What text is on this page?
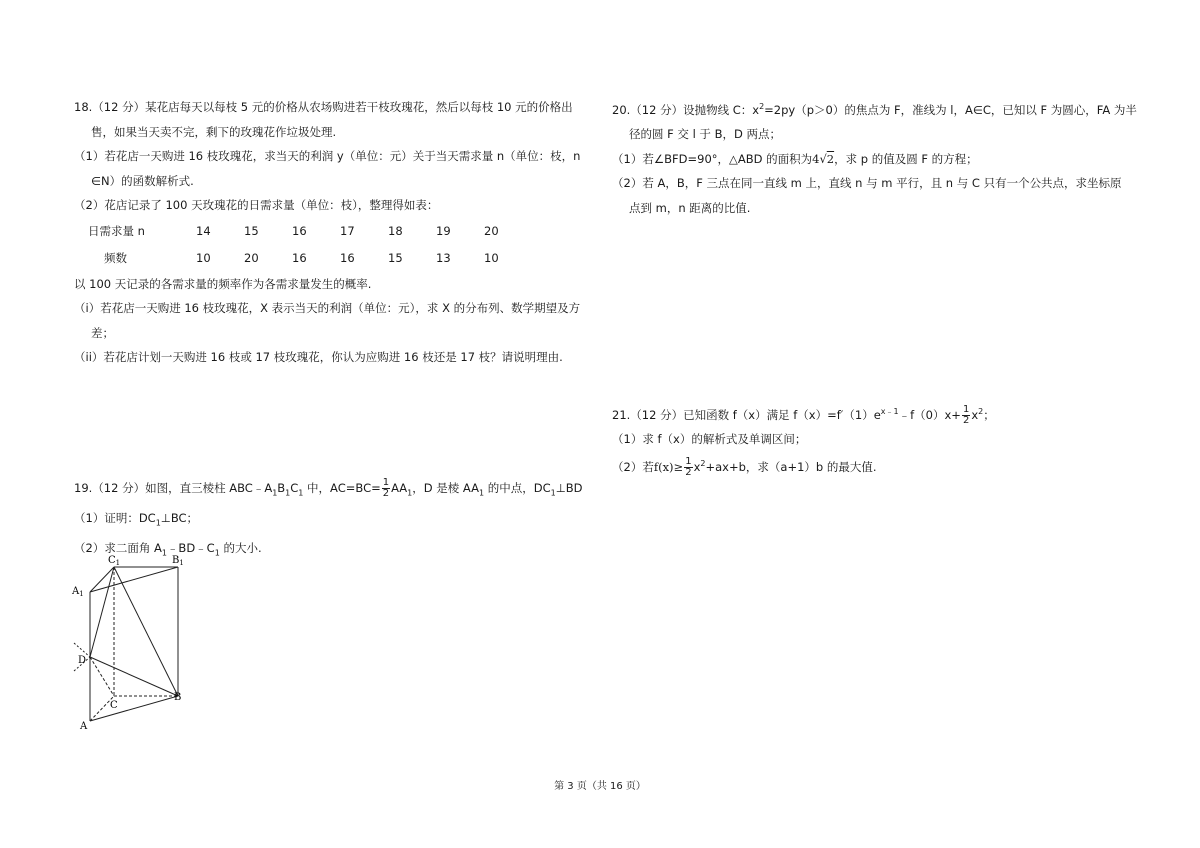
18.（12 分）某花店每天以每枝 5 元的价格从农场购进若干枝玫瑰花，然后以每枝 10 元的价格出
售，如果当天卖不完，剩下的玫瑰花作垃圾处理.
（1）若花店一天购进 16 枝玫瑰花，求当天的利润 y（单位：元）关于当天需求量 n（单位：枝，n
∈N）的函数解析式.
（2）花店记录了 100 天玫瑰花的日需求量（单位：枝），整理得如表：
日需求量 n	14	15	16	17	18	19	20
频数	10	20	16	16	15	13	10
以 100 天记录的各需求量的频率作为各需求量发生的概率.
（i）若花店一天购进 16 枝玫瑰花，X 表示当天的利润（单位：元），求 X 的分布列、数学期望及方
差；
（ii）若花店计划一天购进 16 枝或 17 枝玫瑰花，你认为应购进 16 枝还是 17 枝？请说明理由.
19.（12 分）如图，直三棱柱 $ABC﹣A_1B_1C_1$ 中，$AC=BC= \frac{1}{2} AA_1$，D 是棱 $AA_1$ 的中点，$DC_1\perp BD$
（1）证明：$DC_1\perp BC$；
（2）求二面角 $A_1﹣BD﹣C_1$ 的大小.
$C_1$	$B_1$
$A_1$
D
C
B
A
20.（12 分）设抛物线 C：$x^2=2py(p>0)$的焦点为 F，准线为 l，A∈C，已知以 F 为圆心，FA 为半
径的圆 F 交 l 于 B，D 两点；
（1）若∠BFD=90°，△ABD 的面积为4√2，求 p 的值及圆 F 的方程；
（2）若 A，B，F 三点在同一直线 m 上，直线 n 与 m 平行，且 n 与 C 只有一个公共点，求坐标原
点到 m，n 距离的比值.
21.（12 分）已知函数 f（x）满足 $f(x)=f'(1)e^{x﹣1}﹣f(0)x+ \frac{1}{2} x^2$；
（1）求 f（x）的解析式及单调区间；
（2）若$f(x)\ge \frac{1}{2} x^2+ax+b$，求（a+1）b 的最大值.
第 3 页（共 16 页）
